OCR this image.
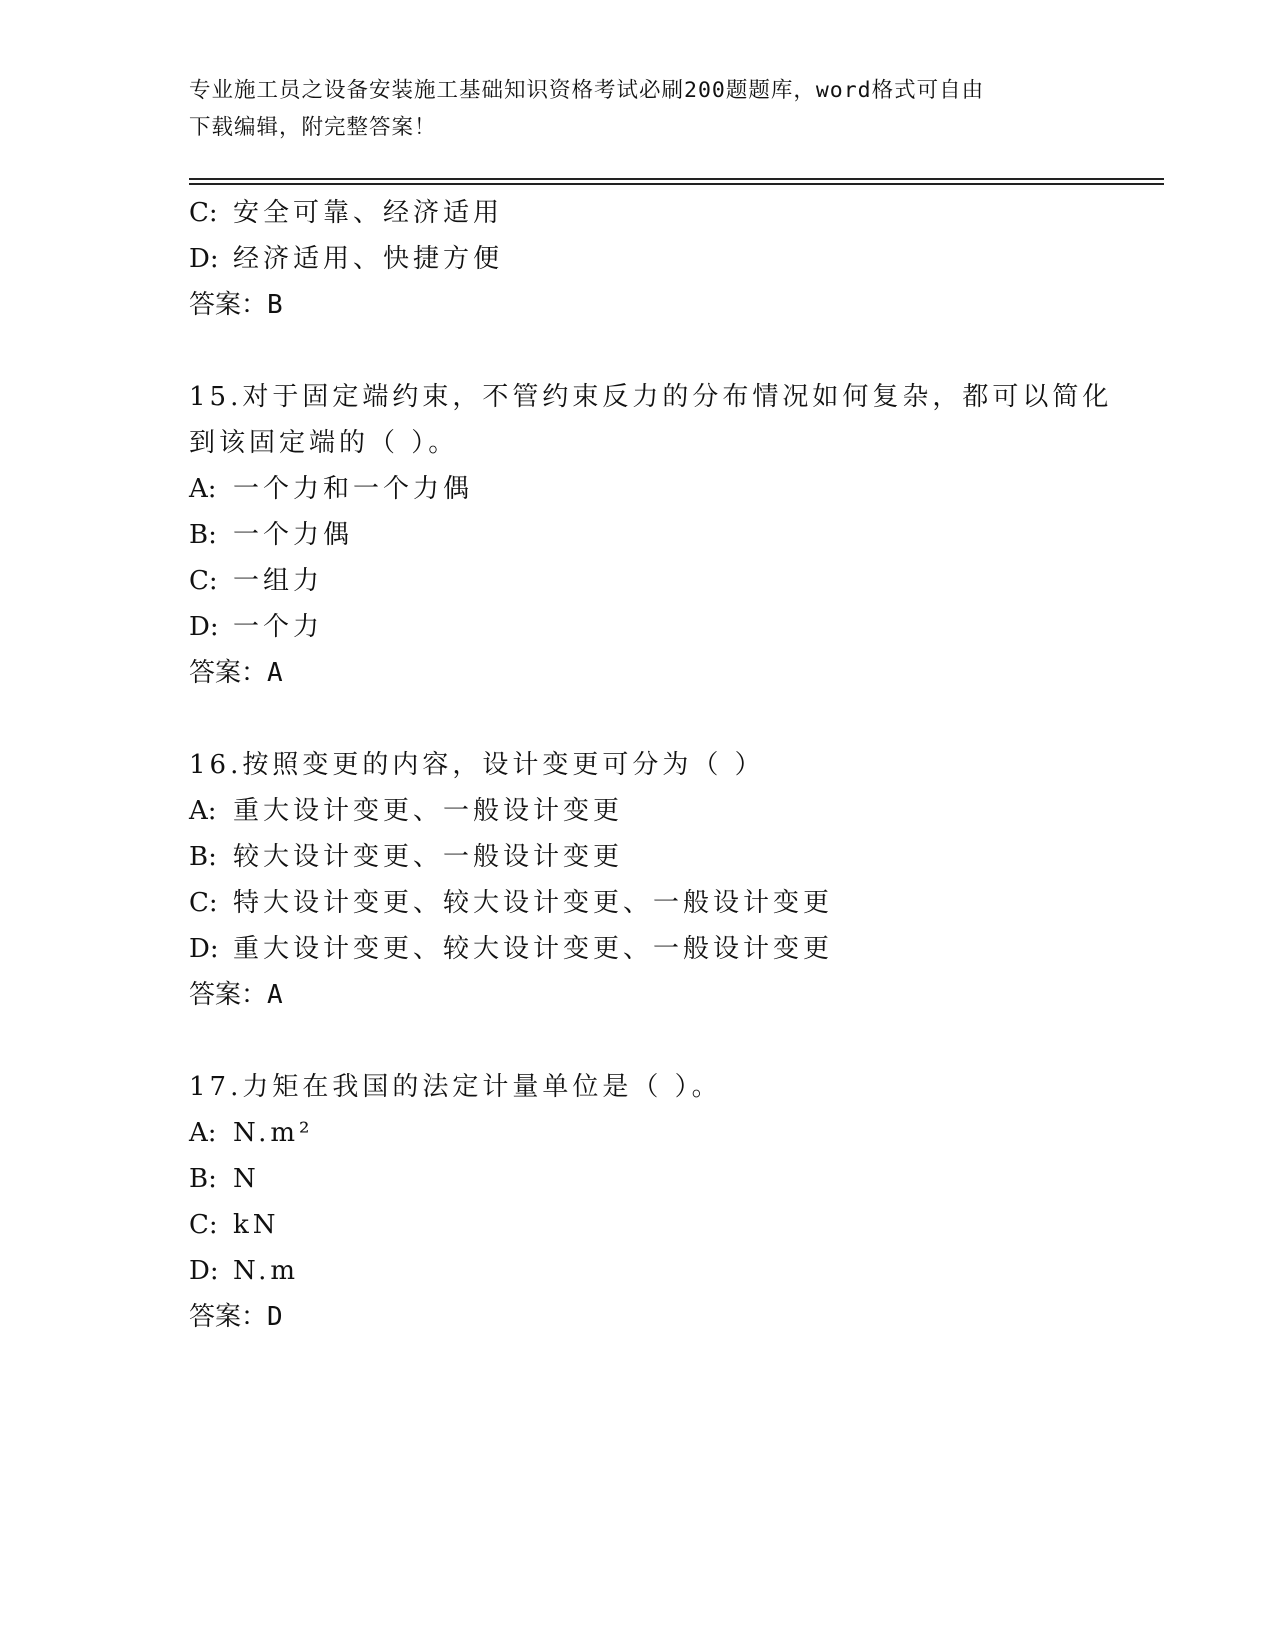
专业施工员之设备安装施工基础知识资格考试必刷200题题库，word格式可自由
下载编辑，附完整答案！
C: 安全可靠、经济适用
D: 经济适用、快捷方便
答案：B
15.对于固定端约束，不管约束反力的分布情况如何复杂，都可以简化
到该固定端的（ ）。
A: 一个力和一个力偶
B: 一个力偶
C: 一组力
D: 一个力
答案：A
16.按照变更的内容，设计变更可分为（ ）
A: 重大设计变更、一般设计变更
B: 较大设计变更、一般设计变更
C: 特大设计变更、较大设计变更、一般设计变更
D: 重大设计变更、较大设计变更、一般设计变更
答案：A
17.力矩在我国的法定计量单位是（ ）。
A: N.m²
B: N
C: kN
D: N.m
答案：D
